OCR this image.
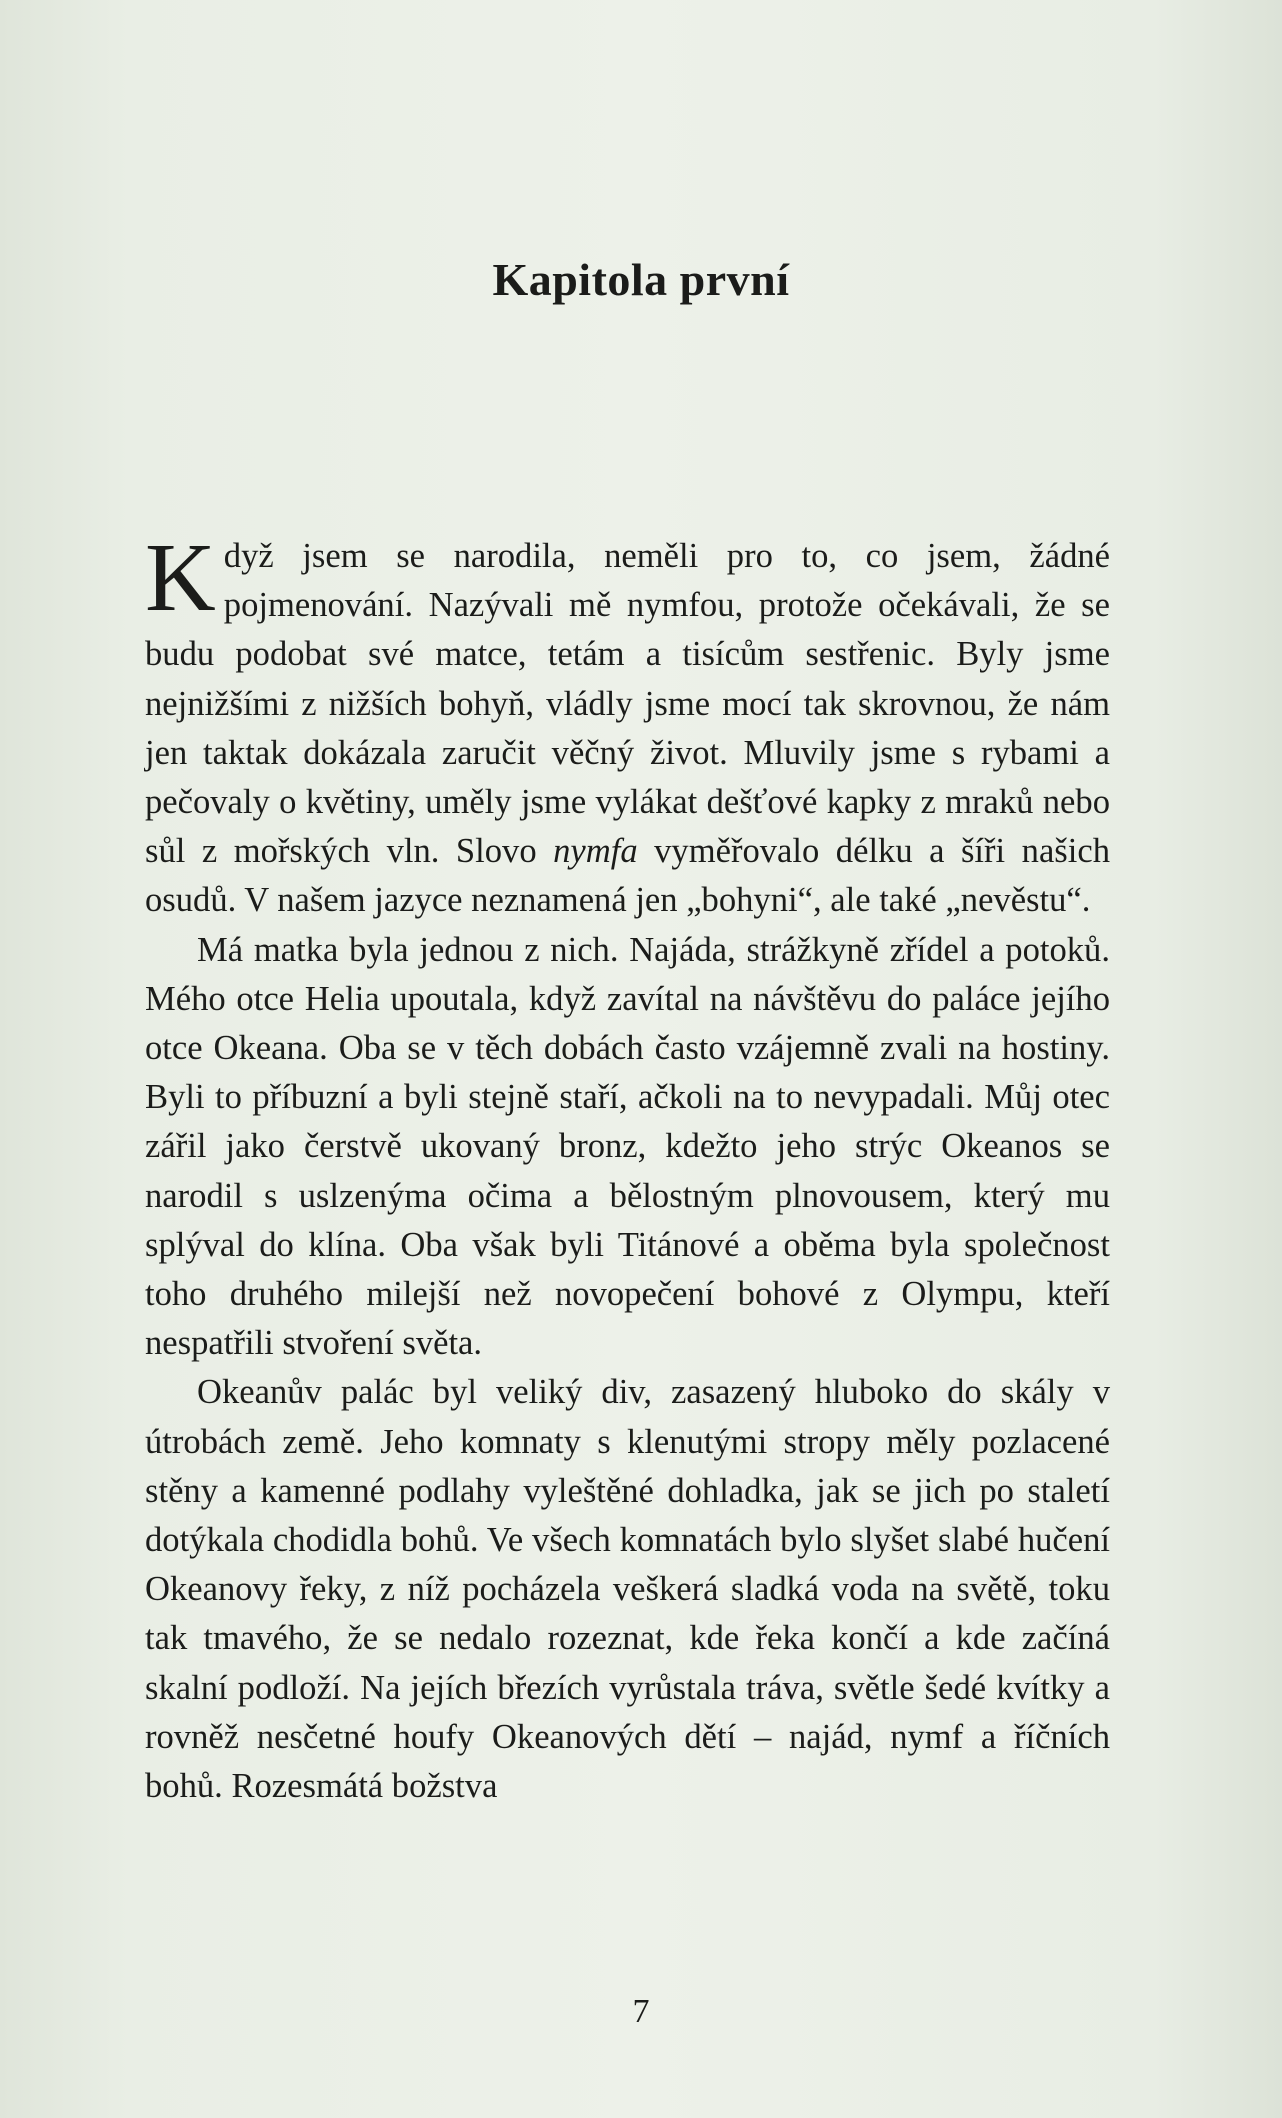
Kapitola první

Když jsem se narodila, neměli pro to, co jsem, žádné pojmenování. Nazývali mě nymfou, protože očekávali, že se budu podobat své matce, tetám a tisícům sestřenic. Byly jsme nejnižšími z nižších bohyň, vládly jsme mocí tak skrovnou, že nám jen taktak dokázala zaručit věčný život. Mluvily jsme s rybami a pečovaly o květiny, uměly jsme vylákat dešťové kapky z mraků nebo sůl z mořských vln. Slovo nymfa vyměřovalo délku a šíři našich osudů. V našem jazyce neznamená jen „bohyni“, ale také „nevěstu“.

Má matka byla jednou z nich. Najáda, strážkyně zřídel a potoků. Mého otce Helia upoutala, když zavítal na návštěvu do paláce jejího otce Okeana. Oba se v těch dobách často vzájemně zvali na hostiny. Byli to příbuzní a byli stejně staří, ačkoli na to nevypadali. Můj otec zářil jako čerstvě ukovaný bronz, kdežto jeho strýc Okeanos se narodil s uslzenýma očima a bělostným plnovousem, který mu splýval do klína. Oba však byli Titánové a oběma byla společnost toho druhého milejší než novopečení bohové z Olympu, kteří nespatřili stvoření světa.

Okeanův palác byl veliký div, zasazený hluboko do skály v útrobách země. Jeho komnaty s klenutými stropy měly pozlacené stěny a kamenné podlahy vyleštěné dohladka, jak se jich po staletí dotýkala chodidla bohů. Ve všech komnatách bylo slyšet slabé hučení Okeanovy řeky, z níž pocházela veškerá sladká voda na světě, toku tak tmavého, že se nedalo rozeznat, kde řeka končí a kde začíná skalní podloží. Na jejích březích vyrůstala tráva, světle šedé kvítky a rovněž nesčetné houfy Okeanových dětí – najád, nymf a říčních bohů. Rozesmátá božstva

7
